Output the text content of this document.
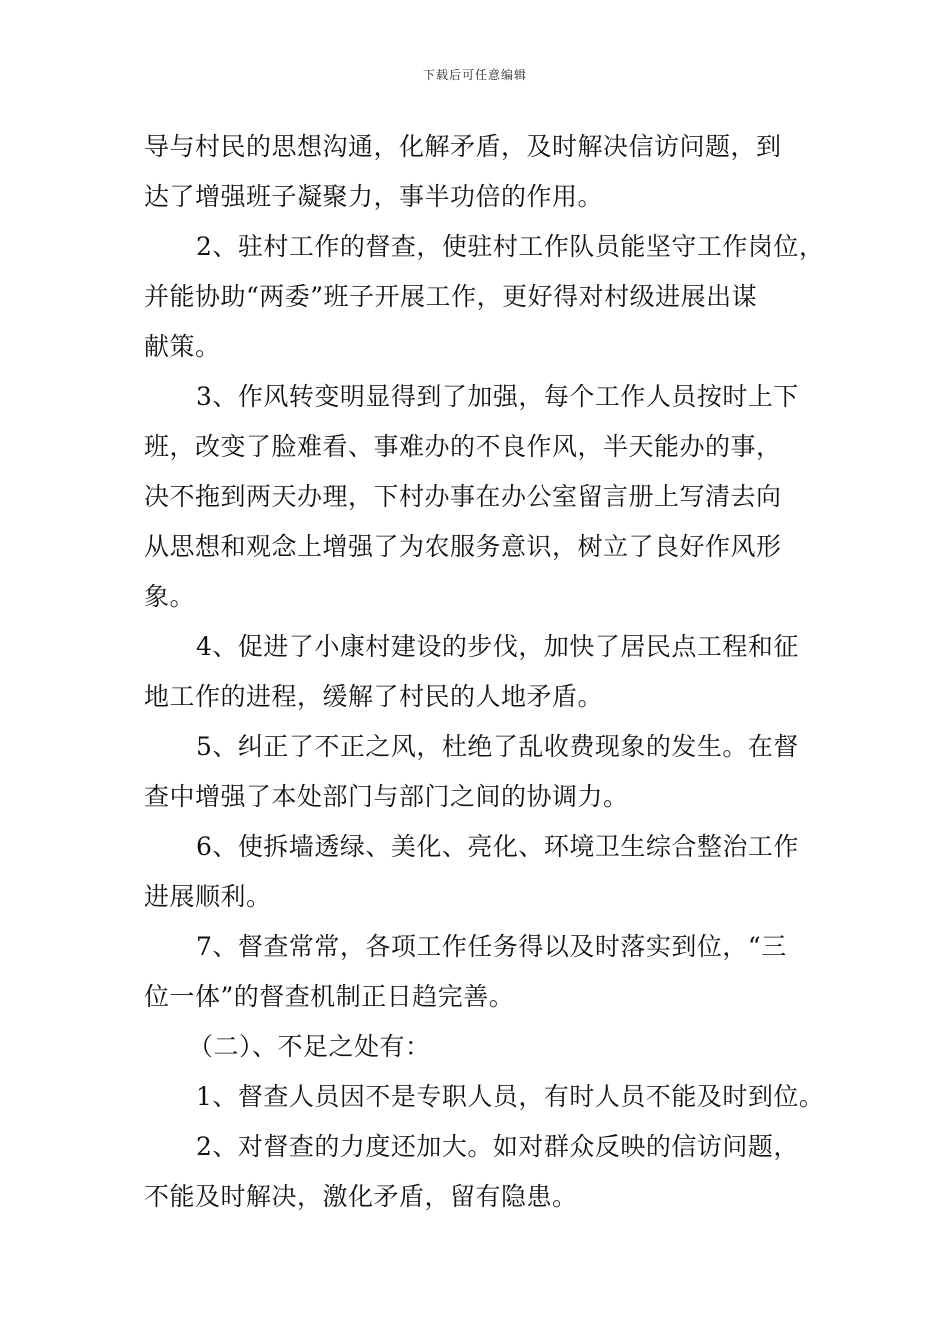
下载后可任意编辑
导与村民的思想沟通，化解矛盾，及时解决信访问题，到
达了增强班子凝聚力，事半功倍的作用。
2、驻村工作的督查，使驻村工作队员能坚守工作岗位，
并能协助“两委”班子开展工作，更好得对村级进展出谋
献策。
3、作风转变明显得到了加强，每个工作人员按时上下
班，改变了脸难看、事难办的不良作风，半天能办的事，
决不拖到两天办理，下村办事在办公室留言册上写清去向
从思想和观念上增强了为农服务意识，树立了良好作风形
象。
4、促进了小康村建设的步伐，加快了居民点工程和征
地工作的进程，缓解了村民的人地矛盾。
5、纠正了不正之风，杜绝了乱收费现象的发生。在督
查中增强了本处部门与部门之间的协调力。
6、使拆墙透绿、美化、亮化、环境卫生综合整治工作
进展顺利。
7、督查常常，各项工作任务得以及时落实到位，“三
位一体”的督查机制正日趋完善。
（二）、不足之处有：
1、督查人员因不是专职人员，有时人员不能及时到位。
2、对督查的力度还加大。如对群众反映的信访问题，
不能及时解决，激化矛盾，留有隐患。
